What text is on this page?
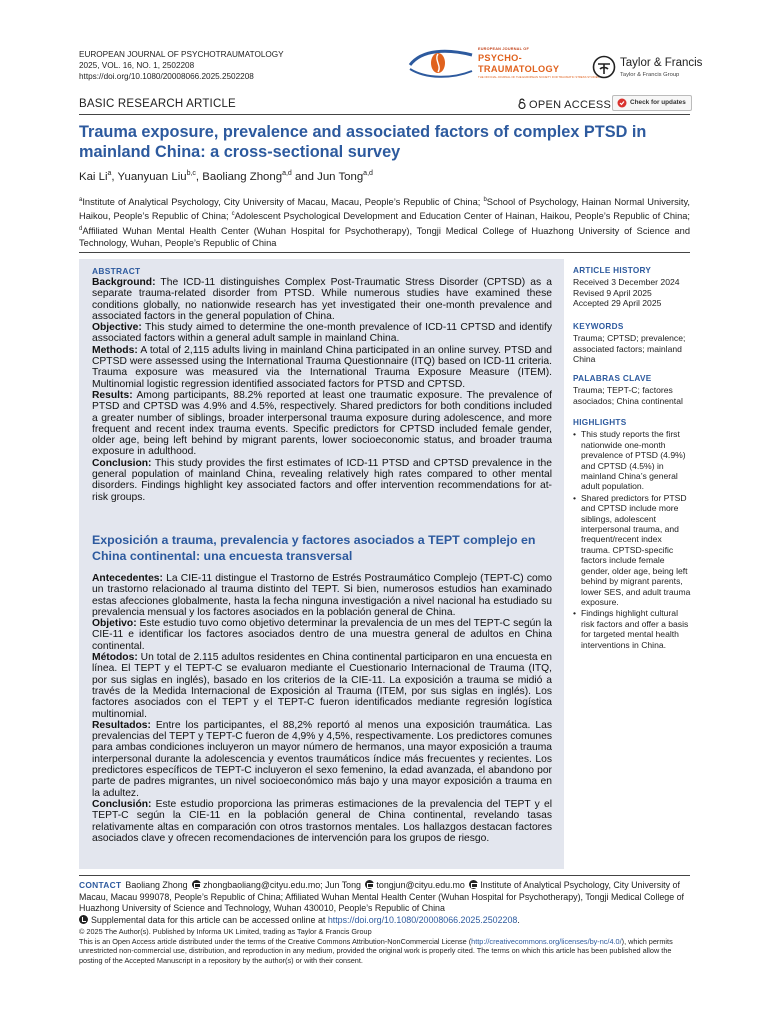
EUROPEAN JOURNAL OF PSYCHOTRAUMATOLOGY
2025, VOL. 16, NO. 1, 2502208
https://doi.org/10.1080/20008066.2025.2502208
EUROPEAN JOURNAL OF
PSYCHO-
TRAUMATOLOGY
THE OFFICIAL JOURNAL OF THE EUROPEAN SOCIETY FOR TRAUMATIC STRESS STUDIES
Taylor & Francis
Taylor & Francis Group
BASIC RESEARCH ARTICLE	OPEN ACCESS	Check for updates
Trauma exposure, prevalence and associated factors of complex PTSD in mainland China: a cross-sectional survey
Kai Li$^a$, Yuanyuan Liu$^{b,c}$, Baoliang Zhong$^{a,d}$ and Jun Tong$^{a,d}$
$^a$Institute of Analytical Psychology, City University of Macau, Macau, People’s Republic of China; $^b$School of Psychology, Hainan Normal University, Haikou, People’s Republic of China; $^c$Adolescent Psychological Development and Education Center of Hainan, Haikou, People’s Republic of China; $^d$Affiliated Wuhan Mental Health Center (Wuhan Hospital for Psychotherapy), Tongji Medical College of Huazhong University of Science and Technology, Wuhan, People’s Republic of China
ABSTRACT
Background: The ICD-11 distinguishes Complex Post-Traumatic Stress Disorder (CPTSD) as a separate trauma-related disorder from PTSD. While numerous studies have examined these conditions globally, no nationwide research has yet investigated their one-month prevalence and associated factors in the general population of China.
Objective: This study aimed to determine the one-month prevalence of ICD-11 CPTSD and identify associated factors within a general adult sample in mainland China.
Methods: A total of 2,115 adults living in mainland China participated in an online survey. PTSD and CPTSD were assessed using the International Trauma Questionnaire (ITQ) based on ICD-11 criteria. Trauma exposure was measured via the International Trauma Exposure Measure (ITEM). Multinomial logistic regression identified associated factors for PTSD and CPTSD.
Results: Among participants, 88.2% reported at least one traumatic exposure. The prevalence of PTSD and CPTSD was 4.9% and 4.5%, respectively. Shared predictors for both conditions included a greater number of siblings, broader interpersonal trauma exposure during adolescence, and more frequent and recent index trauma events. Specific predictors for CPTSD included female gender, older age, being left behind by migrant parents, lower socioeconomic status, and broader trauma exposure in adulthood.
Conclusion: This study provides the first estimates of ICD-11 PTSD and CPTSD prevalence in the general population of mainland China, revealing relatively high rates compared to other mental disorders. Findings highlight key associated factors and offer intervention recommendations for at-risk groups.
Exposición a trauma, prevalencia y factores asociados a TEPT complejo en China continental: una encuesta transversal
Antecedentes: La CIE-11 distingue el Trastorno de Estrés Postraumático Complejo (TEPT-C) como un trastorno relacionado al trauma distinto del TEPT. Si bien, numerosos estudios han examinado estas afecciones globalmente, hasta la fecha ninguna investigación a nivel nacional ha estudiado su prevalencia mensual y los factores asociados en la población general de China.
Objetivo: Este estudio tuvo como objetivo determinar la prevalencia de un mes del TEPT-C según la CIE-11 e identificar los factores asociados dentro de una muestra general de adultos en China continental.
Métodos: Un total de 2.115 adultos residentes en China continental participaron en una encuesta en línea. El TEPT y el TEPT-C se evaluaron mediante el Cuestionario Internacional de Trauma (ITQ, por sus siglas en inglés), basado en los criterios de la CIE-11. La exposición a trauma se midió a través de la Medida Internacional de Exposición al Trauma (ITEM, por sus siglas en inglés). Los factores asociados con el TEPT y el TEPT-C fueron identificados mediante regresión logística multinomial.
Resultados: Entre los participantes, el 88,2% reportó al menos una exposición traumática. Las prevalencias del TEPT y TEPT-C fueron de 4,9% y 4,5%, respectivamente. Los predictores comunes para ambas condiciones incluyeron un mayor número de hermanos, una mayor exposición a trauma interpersonal durante la adolescencia y eventos traumáticos índice más frecuentes y recientes. Los predictores específicos de TEPT-C incluyeron el sexo femenino, la edad avanzada, el abandono por parte de padres migrantes, un nivel socioeconómico más bajo y una mayor exposición a trauma en la adultez.
Conclusión: Este estudio proporciona las primeras estimaciones de la prevalencia del TEPT y el TEPT-C según la CIE-11 en la población general de China continental, revelando tasas relativamente altas en comparación con otros trastornos mentales. Los hallazgos destacan factores asociados clave y ofrecen recomendaciones de intervención para los grupos de riesgo.
ARTICLE HISTORY
Received 3 December 2024
Revised 9 April 2025
Accepted 29 April 2025
KEYWORDS
Trauma; CPTSD; prevalence; associated factors; mainland China
PALABRAS CLAVE
Trauma; TEPT-C; factores asociados; China continental
HIGHLIGHTS
• This study reports the first nationwide one-month prevalence of PTSD (4.9%) and CPTSD (4.5%) in mainland China’s general adult population.
• Shared predictors for PTSD and CPTSD include more siblings, adolescent interpersonal trauma, and frequent/recent index trauma. CPTSD-specific factors include female gender, older age, being left behind by migrant parents, lower SES, and adult trauma exposure.
• Findings highlight cultural risk factors and offer a basis for targeted mental health interventions in China.
CONTACT Baoliang Zhong zhongbaoliang@cityu.edu.mo; Jun Tong tongjun@cityu.edu.mo Institute of Analytical Psychology, City University of Macau, Macau 999078, People’s Republic of China; Affiliated Wuhan Mental Health Center (Wuhan Hospital for Psychotherapy), Tongji Medical College of Huazhong University of Science and Technology, Wuhan 430010, People’s Republic of China
Supplemental data for this article can be accessed online at https://doi.org/10.1080/20008066.2025.2502208.
© 2025 The Author(s). Published by Informa UK Limited, trading as Taylor & Francis Group
This is an Open Access article distributed under the terms of the Creative Commons Attribution-NonCommercial License (http://creativecommons.org/licenses/by-nc/4.0/), which permits unrestricted non-commercial use, distribution, and reproduction in any medium, provided the original work is properly cited. The terms on which this article has been published allow the posting of the Accepted Manuscript in a repository by the author(s) or with their consent.
